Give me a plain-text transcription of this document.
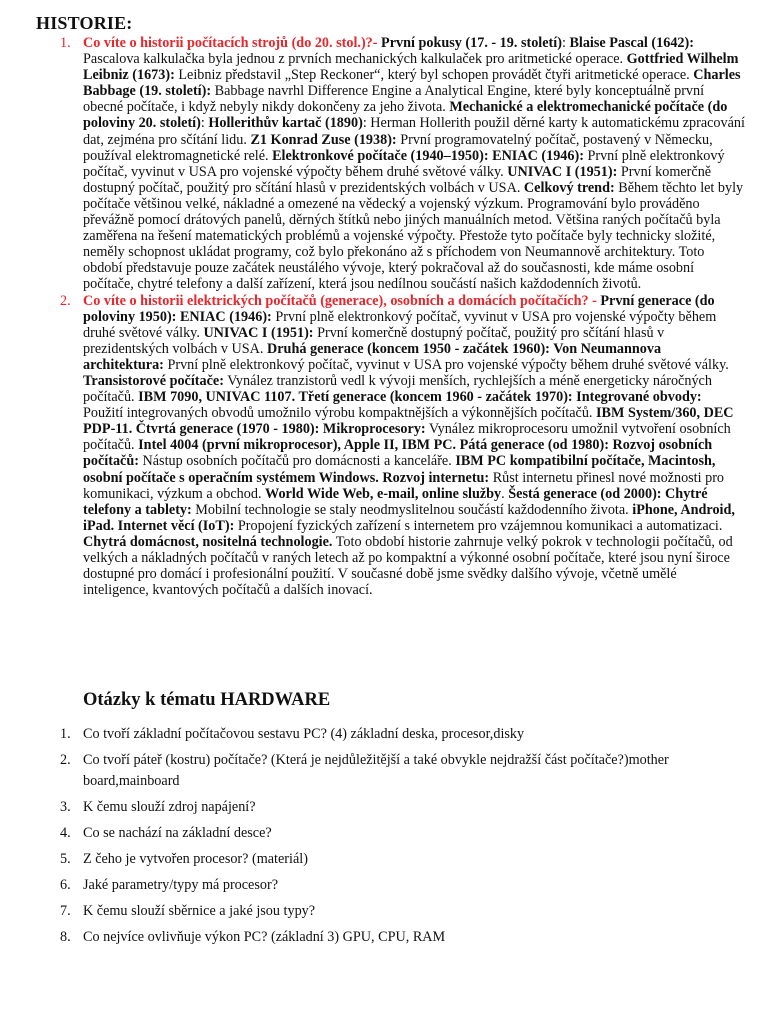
HISTORIE:
1. Co víte o historii počítacích strojů (do 20. stol.)?- První pokusy (17. - 19. století): Blaise Pascal (1642): Pascalova kalkulačka byla jednou z prvních mechanických kalkulaček pro aritmetické operace. Gottfried Wilhelm Leibniz (1673): Leibniz představil „Step Reckoner“, který byl schopen provádět čtyři aritmetické operace. Charles Babbage (19. století): Babbage navrhl Difference Engine a Analytical Engine, které byly konceptuálně první obecné počítače, i když nebyly nikdy dokončeny za jeho života. Mechanické a elektromechanické počítače (do poloviny 20. století): Hollerithův kartač (1890): Herman Hollerith použil děrné karty k automatickému zpracování dat, zejména pro sčítání lidu. Z1 Konrad Zuse (1938): První programovatelný počítač, postavený v Německu, používal elektromagnetické relé. Elektronkové počítače (1940–1950): ENIAC (1946): První plně elektronkový počítač, vyvinut v USA pro vojenské výpočty během druhé světové války. UNIVAC I (1951): První komerčně dostupný počítač, použitý pro sčítání hlasů v prezidentských volbách v USA. Celkový trend: Během těchto let byly počítače většinou velké, nákladné a omezené na vědecký a vojenský výzkum. Programování bylo prováděno převážně pomocí drátových panelů, děrných štítků nebo jiných manuálních metod. Většina raných počítačů byla zaměřena na řešení matematických problémů a vojenské výpočty. Přestože tyto počítače byly technicky složité, neměly schopnost ukládat programy, což bylo překonáno až s příchodem von Neumannově architektury. Toto období představuje pouze začátek neustálého vývoje, který pokračoval až do současnosti, kde máme osobní počítače, chytré telefony a další zařízení, která jsou nedílnou součástí našich každodenních životů.
2. Co víte o historii elektrických počítačů (generace), osobních a domácích počítačích? - První generace (do poloviny 1950): ENIAC (1946): První plně elektronkový počítač, vyvinut v USA pro vojenské výpočty během druhé světové války. UNIVAC I (1951): První komerčně dostupný počítač, použitý pro sčítání hlasů v prezidentských volbách v USA. Druhá generace (koncem 1950 - začátek 1960): Von Neumannova architektura: První plně elektronkový počítač, vyvinut v USA pro vojenské výpočty během druhé světové války. Transistorové počítače: Vynález tranzistorů vedl k vývoji menších, rychlejších a méně energeticky náročných počítačů. IBM 7090, UNIVAC 1107. Třetí generace (koncem 1960 - začátek 1970): Integrované obvody: Použití integrovaných obvodů umožnilo výrobu kompaktnějších a výkonnějších počítačů. IBM System/360, DEC PDP-11. Čtvrtá generace (1970 - 1980): Mikroprocesory: Vynález mikroprocesoru umožnil vytvoření osobních počítačů. Intel 4004 (první mikroprocesor), Apple II, IBM PC. Pátá generace (od 1980): Rozvoj osobních počítačů: Nástup osobních počítačů pro domácnosti a kanceláře. IBM PC kompatibilní počítače, Macintosh, osobní počítače s operačním systémem Windows. Rozvoj internetu: Růst internetu přinesl nové možnosti pro komunikaci, výzkum a obchod. World Wide Web, e-mail, online služby. Šestá generace (od 2000): Chytré telefony a tablety: Mobilní technologie se staly neodmyslitelnou součástí každodenního života. iPhone, Android, iPad. Internet věcí (IoT): Propojení fyzických zařízení s internetem pro vzájemnou komunikaci a automatizaci. Chytrá domácnost, nositelná technologie. Toto období historie zahrnuje velký pokrok v technologii počítačů, od velkých a nákladných počítačů v raných letech až po kompaktní a výkonné osobní počítače, které jsou nyní široce dostupné pro domácí i profesionální použití. V současné době jsme svědky dalšího vývoje, včetně umělé inteligence, kvantových počítačů a dalších inovací.
Otázky k tématu HARDWARE
1. Co tvoří základní počítačovou sestavu PC? (4) základní deska, procesor,disky
2. Co tvoří páteř (kostru) počítače? (Která je nejdůležitější a také obvykle nejdražší část počítače?)mother board,mainboard
3. K čemu slouží zdroj napájení?
4. Co se nachází na základní desce?
5. Z čeho je vytvořen procesor? (materiál)
6. Jaké parametry/typy má procesor?
7. K čemu slouží sběrnice a jaké jsou typy?
8. Co nejvíce ovlivňuje výkon PC? (základní 3) GPU, CPU, RAM
